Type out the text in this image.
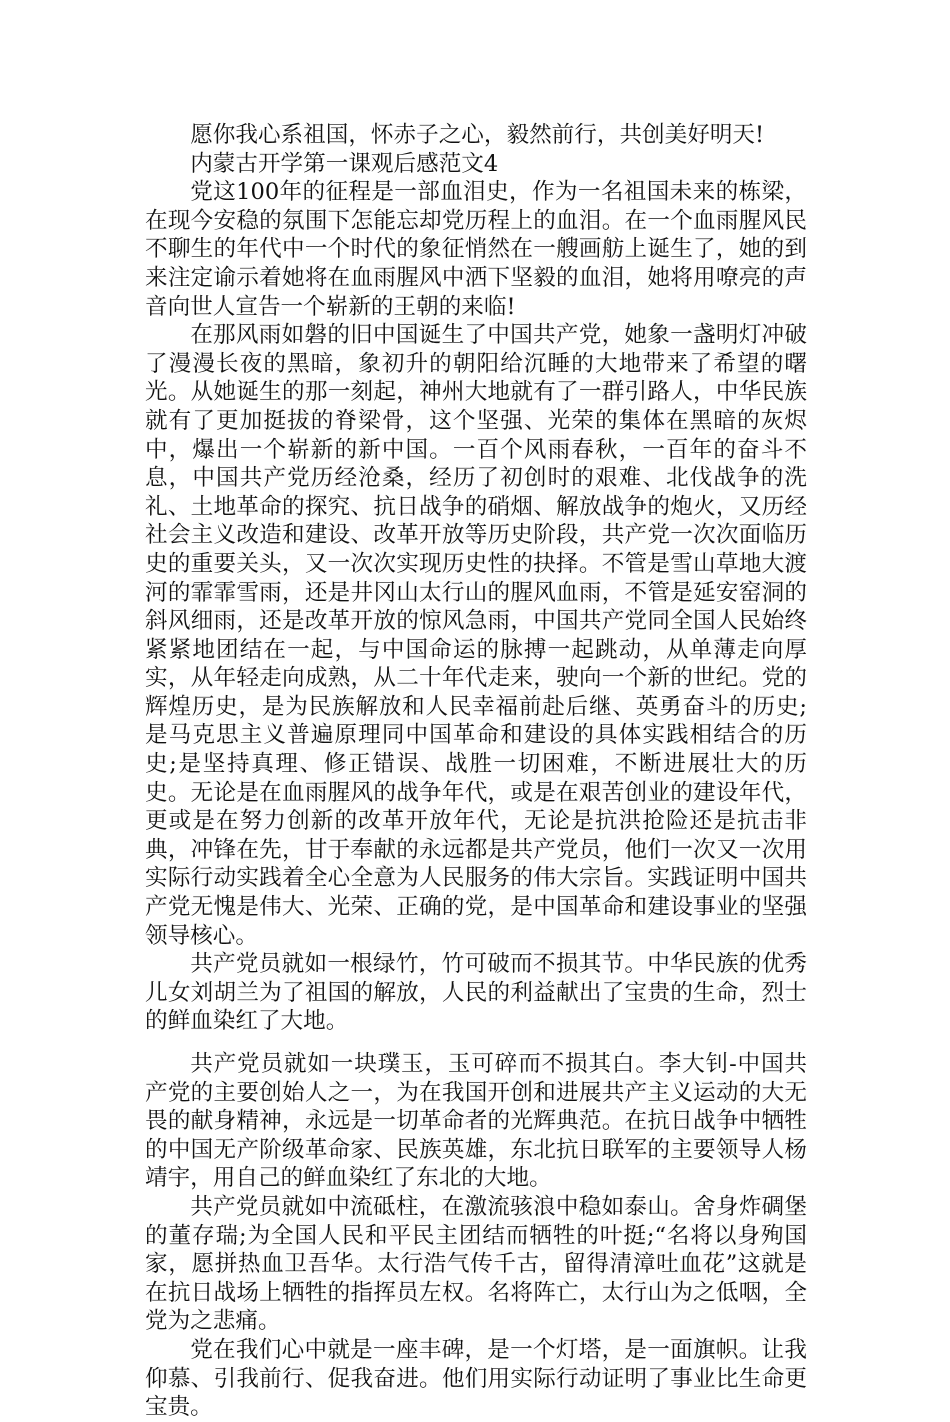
愿你我心系祖国，怀赤子之心，毅然前行，共创美好明天!

内蒙古开学第一课观后感范文4

党这100年的征程是一部血泪史，作为一名祖国未来的栋梁，在现今安稳的氛围下怎能忘却党历程上的血泪。在一个血雨腥风民不聊生的年代中一个时代的象征悄然在一艘画舫上诞生了，她的到来注定谕示着她将在血雨腥风中洒下坚毅的血泪，她将用嘹亮的声音向世人宣告一个崭新的王朝的来临!

在那风雨如磐的旧中国诞生了中国共产党，她象一盏明灯冲破了漫漫长夜的黑暗，象初升的朝阳给沉睡的大地带来了希望的曙光。从她诞生的那一刻起，神州大地就有了一群引路人，中华民族就有了更加挺拔的脊梁骨，这个坚强、光荣的集体在黑暗的灰烬中，爆出一个崭新的新中国。一百个风雨春秋，一百年的奋斗不息，中国共产党历经沧桑，经历了初创时的艰难、北伐战争的洗礼、土地革命的探究、抗日战争的硝烟、解放战争的炮火，又历经社会主义改造和建设、改革开放等历史阶段，共产党一次次面临历史的重要关头，又一次次实现历史性的抉择。不管是雪山草地大渡河的霏霏雪雨，还是井冈山太行山的腥风血雨，不管是延安窑洞的斜风细雨，还是改革开放的惊风急雨，中国共产党同全国人民始终紧紧地团结在一起，与中国命运的脉搏一起跳动，从单薄走向厚实，从年轻走向成熟，从二十年代走来，驶向一个新的世纪。党的辉煌历史，是为民族解放和人民幸福前赴后继、英勇奋斗的历史;是马克思主义普遍原理同中国革命和建设的具体实践相结合的历史;是坚持真理、修正错误、战胜一切困难，不断进展壮大的历史。无论是在血雨腥风的战争年代，或是在艰苦创业的建设年代，更或是在努力创新的改革开放年代，无论是抗洪抢险还是抗击非典，冲锋在先，甘于奉献的永远都是共产党员，他们一次又一次用实际行动实践着全心全意为人民服务的伟大宗旨。实践证明中国共产党无愧是伟大、光荣、正确的党，是中国革命和建设事业的坚强领导核心。

共产党员就如一根绿竹，竹可破而不损其节。中华民族的优秀儿女刘胡兰为了祖国的解放，人民的利益献出了宝贵的生命，烈士的鲜血染红了大地。

共产党员就如一块璞玉，玉可碎而不损其白。李大钊-中国共产党的主要创始人之一，为在我国开创和进展共产主义运动的大无畏的献身精神，永远是一切革命者的光辉典范。在抗日战争中牺牲的中国无产阶级革命家、民族英雄，东北抗日联军的主要领导人杨靖宇，用自己的鲜血染红了东北的大地。

共产党员就如中流砥柱，在激流骇浪中稳如泰山。舍身炸碉堡的董存瑞;为全国人民和平民主团结而牺牲的叶挺;“名将以身殉国家，愿拼热血卫吾华。太行浩气传千古，留得清漳吐血花”这就是在抗日战场上牺牲的指挥员左权。名将阵亡，太行山为之低咽，全党为之悲痛。

党在我们心中就是一座丰碑，是一个灯塔，是一面旗帜。让我仰慕、引我前行、促我奋进。他们用实际行动证明了事业比生命更宝贵。
